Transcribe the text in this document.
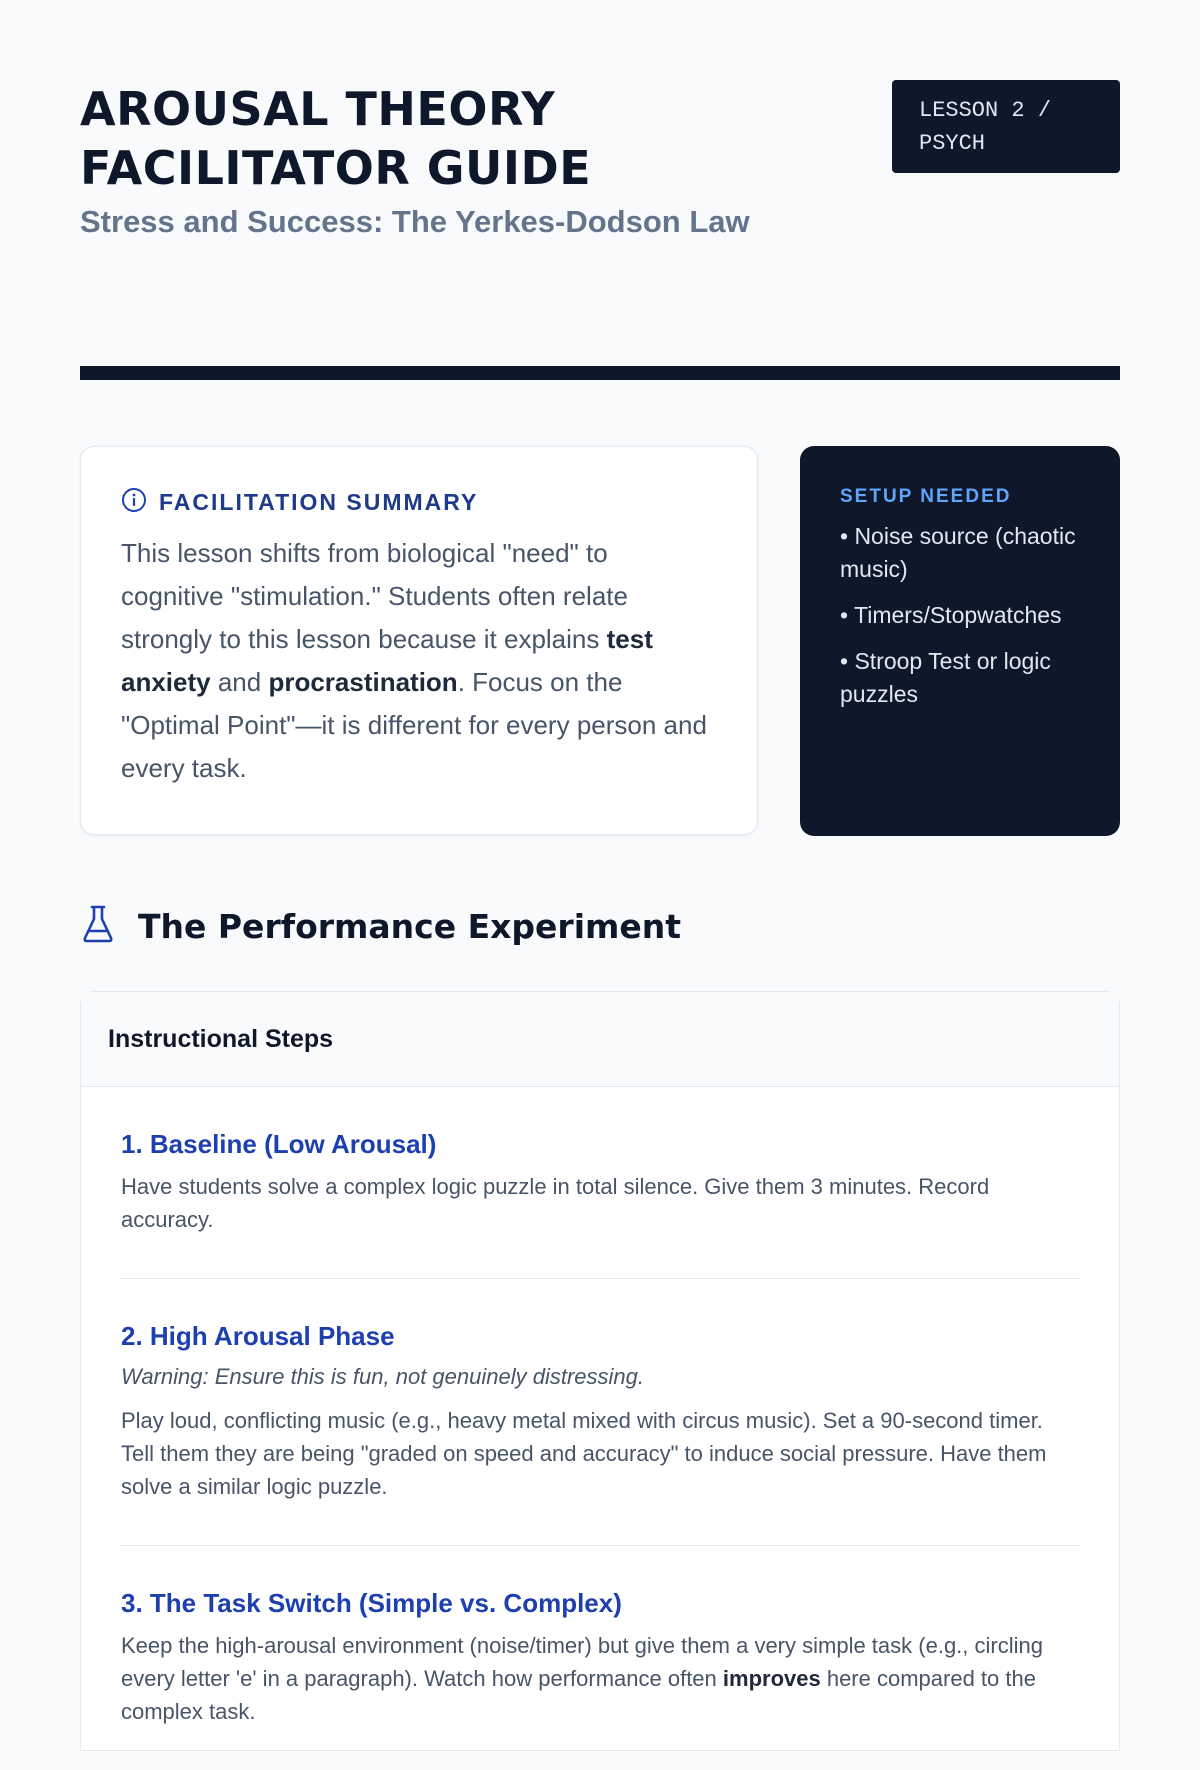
AROUSAL THEORY
FACILITATOR GUIDE
Stress and Success: The Yerkes-Dodson Law
LESSON 2 /
PSYCH
FACILITATION SUMMARY

This lesson shifts from biological "need" to cognitive "stimulation." Students often relate strongly to this lesson because it explains test anxiety and procrastination. Focus on the "Optimal Point"—it is different for every person and every task.

SETUP NEEDED
• Noise source (chaotic music)
• Timers/Stopwatches
• Stroop Test or logic puzzles
The Performance Experiment
Instructional Steps
1. Baseline (Low Arousal)

Have students solve a complex logic puzzle in total silence. Give them 3 minutes. Record accuracy.

2. High Arousal Phase

Warning: Ensure this is fun, not genuinely distressing.

Play loud, conflicting music (e.g., heavy metal mixed with circus music). Set a 90-second timer. Tell them they are being "graded on speed and accuracy" to induce social pressure. Have them solve a similar logic puzzle.

3. The Task Switch (Simple vs. Complex)

Keep the high-arousal environment (noise/timer) but give them a very simple task (e.g., circling every letter 'e' in a paragraph). Watch how performance often improves here compared to the complex task.
